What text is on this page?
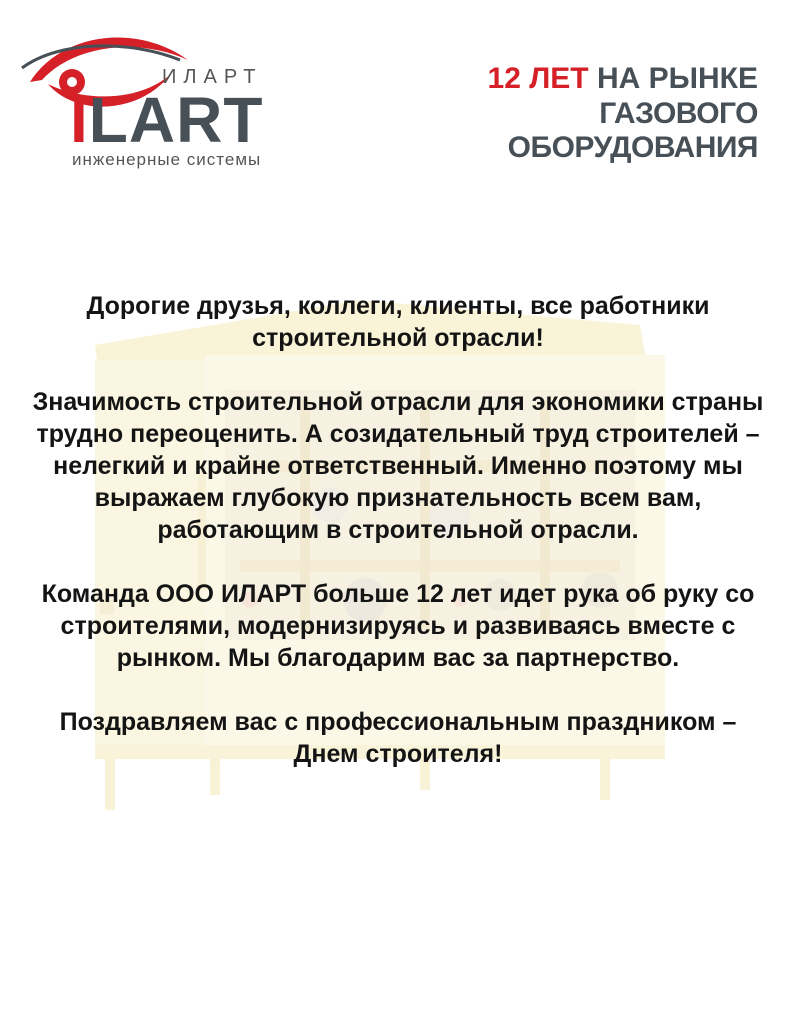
ИЛАРТ
ILART
инженерные системы
12 ЛЕТ НА РЫНКЕ
ГАЗОВОГО ОБОРУДОВАНИЯ

Дорогие друзья, коллеги, клиенты, все работники строительной отрасли!

Значимость строительной отрасли для экономики страны трудно переоценить. А созидательный труд строителей – нелегкий и крайне ответственный. Именно поэтому мы выражаем глубокую признательность всем вам, работающим в строительной отрасли.

Команда ООО ИЛАРТ больше 12 лет идет рука об руку со строителями, модернизируясь и развиваясь вместе с рынком. Мы благодарим вас за партнерство.

Поздравляем вас с профессиональным праздником – Днем строителя!
